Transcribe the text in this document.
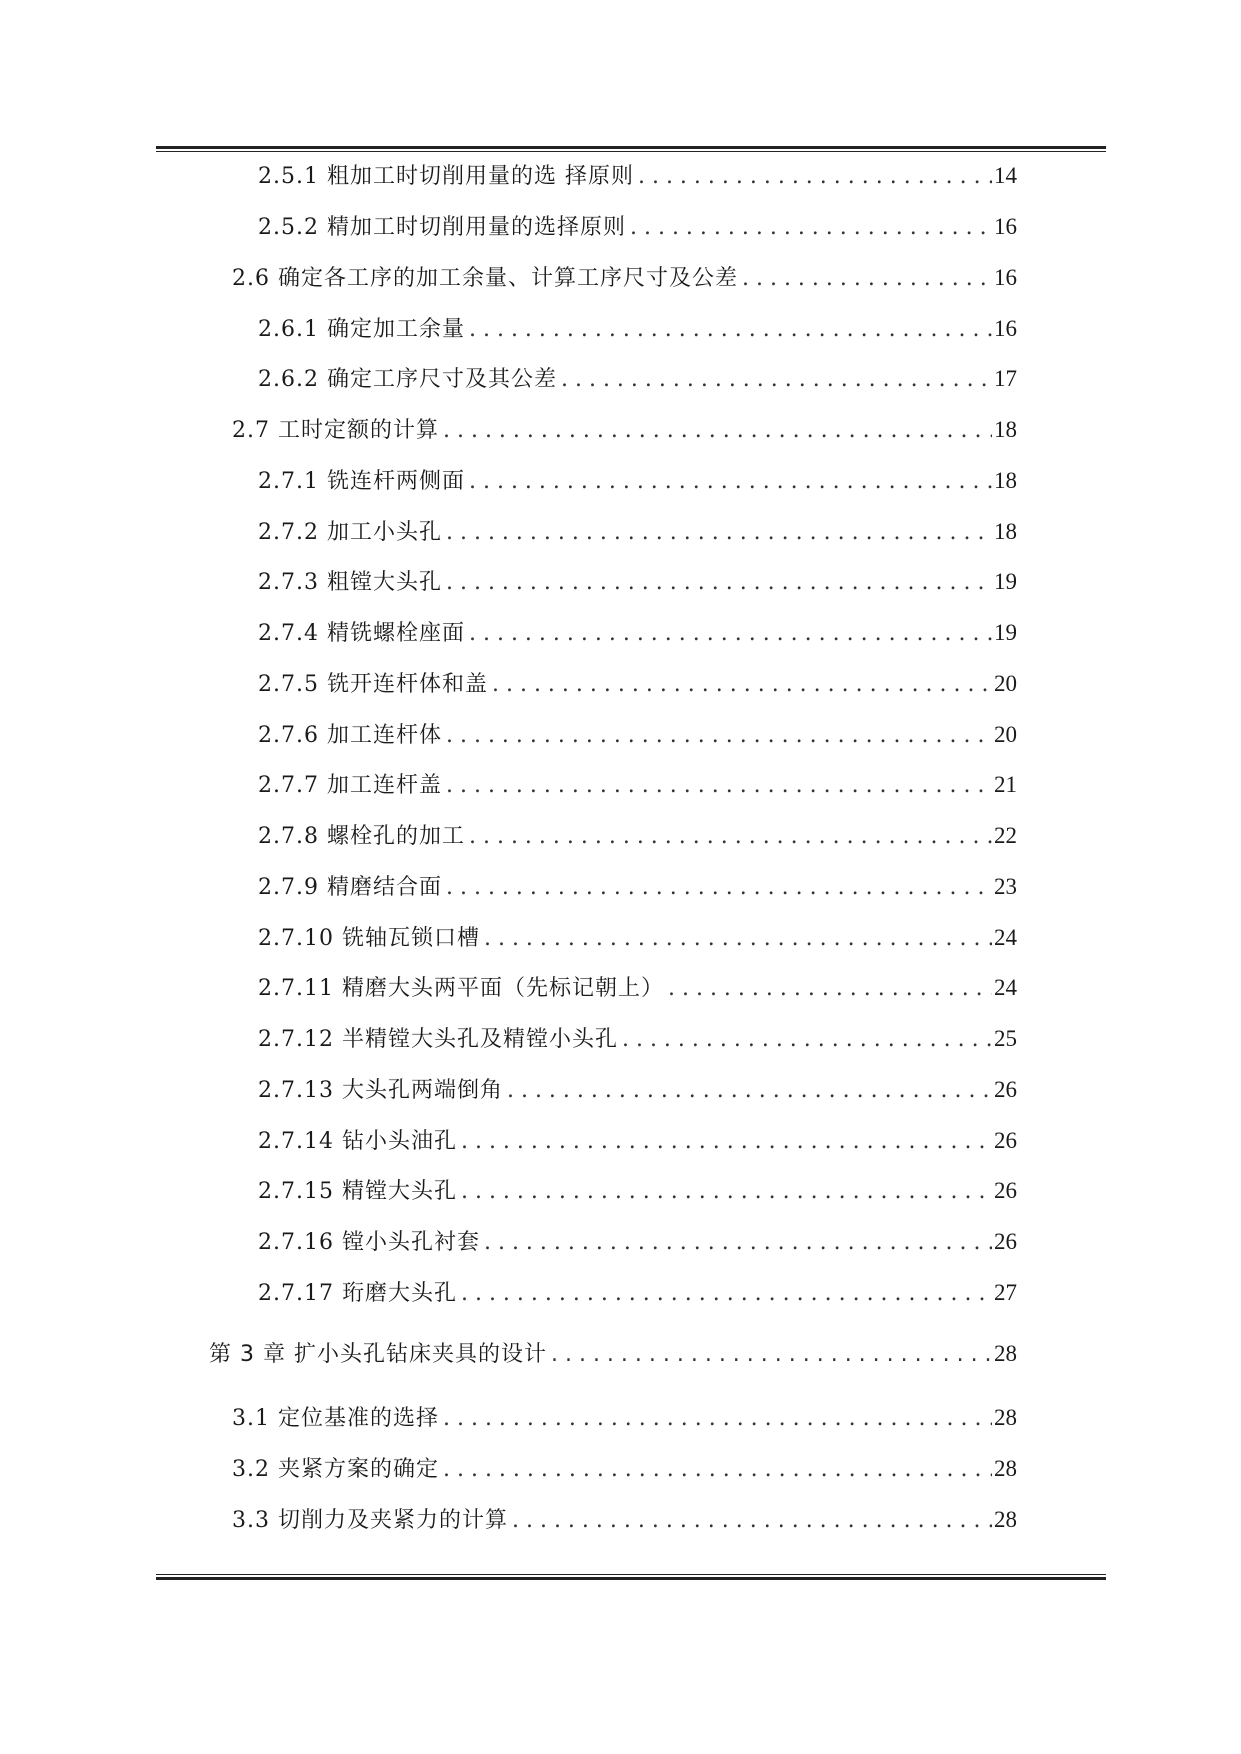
2.5.1 粗加工时切削用量的选 择原则 . . .	14
2.5.2 精加工时切削用量的选择原则 . . .	16
2.6 确定各工序的加工余量、计算工序尺寸及公差 . . .	16
2.6.1 确定加工余量 . . .	16
2.6.2 确定工序尺寸及其公差 . . .	17
2.7 工时定额的计算 . . .	18
2.7.1 铣连杆两侧面 . . .	18
2.7.2 加工小头孔 . . .	18
2.7.3 粗镗大头孔 . . .	19
2.7.4 精铣螺栓座面 . . .	19
2.7.5 铣开连杆体和盖 . . .	20
2.7.6 加工连杆体 . . .	20
2.7.7 加工连杆盖 . . .	21
2.7.8 螺栓孔的加工 . . .	22
2.7.9 精磨结合面 . . .	23
2.7.10 铣轴瓦锁口槽 . . .	24
2.7.11 精磨大头两平面（先标记朝上） . . .	24
2.7.12 半精镗大头孔及精镗小头孔 . . .	25
2.7.13 大头孔两端倒角 . . .	26
2.7.14 钻小头油孔 . . .	26
2.7.15 精镗大头孔 . . .	26
2.7.16 镗小头孔衬套 . . .	26
2.7.17 珩磨大头孔 . . .	27
第 3 章 扩小头孔钻床夹具的设计 . . .	28
3.1 定位基准的选择 . . .	28
3.2 夹紧方案的确定 . . .	28
3.3 切削力及夹紧力的计算 . . .	28
